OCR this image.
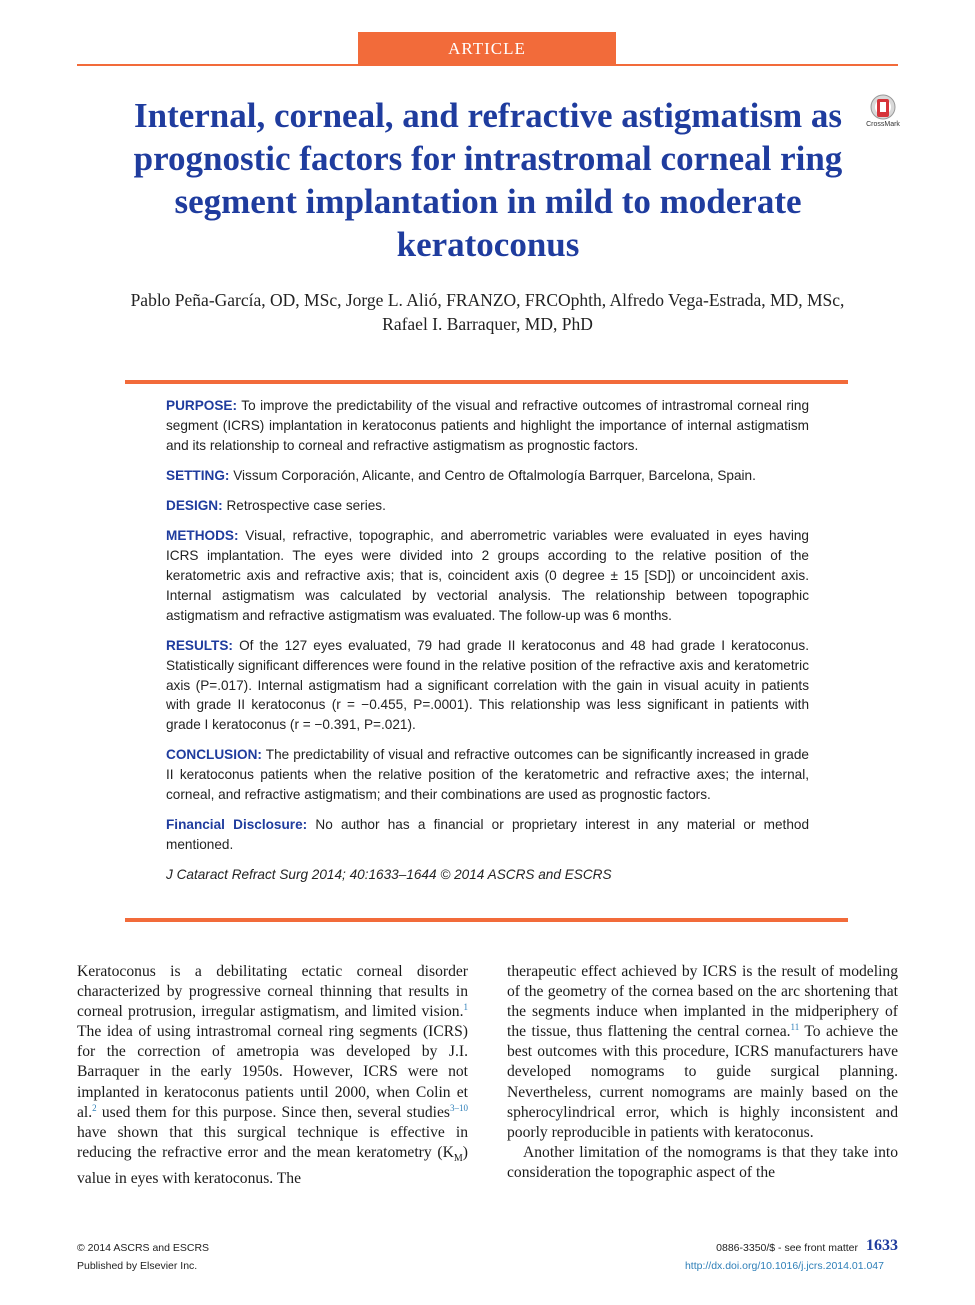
ARTICLE
Internal, corneal, and refractive astigmatism as prognostic factors for intrastromal corneal ring segment implantation in mild to moderate keratoconus
CrossMark
Pablo Peña-García, OD, MSc, Jorge L. Alió, FRANZO, FRCOphth, Alfredo Vega-Estrada, MD, MSc,
Rafael I. Barraquer, MD, PhD

PURPOSE: To improve the predictability of the visual and refractive outcomes of intrastromal corneal ring segment (ICRS) implantation in keratoconus patients and highlight the importance of internal astigmatism and its relationship to corneal and refractive astigmatism as prognostic factors.

SETTING: Vissum Corporación, Alicante, and Centro de Oftalmología Barrquer, Barcelona, Spain.

DESIGN: Retrospective case series.

METHODS: Visual, refractive, topographic, and aberrometric variables were evaluated in eyes having ICRS implantation. The eyes were divided into 2 groups according to the relative position of the keratometric axis and refractive axis; that is, coincident axis (0 degree ± 15 [SD]) or uncoincident axis. Internal astigmatism was calculated by vectorial analysis. The relationship between topographic astigmatism and refractive astigmatism was evaluated. The follow-up was 6 months.

RESULTS: Of the 127 eyes evaluated, 79 had grade II keratoconus and 48 had grade I keratoconus. Statistically significant differences were found in the relative position of the refractive axis and keratometric axis (P=.017). Internal astigmatism had a significant correlation with the gain in visual acuity in patients with grade II keratoconus (r = −0.455, P=.0001). This relationship was less significant in patients with grade I keratoconus (r = −0.391, P=.021).

CONCLUSION: The predictability of visual and refractive outcomes can be significantly increased in grade II keratoconus patients when the relative position of the keratometric and refractive axes; the internal, corneal, and refractive astigmatism; and their combinations are used as prognostic factors.

Financial Disclosure: No author has a financial or proprietary interest in any material or method mentioned.

J Cataract Refract Surg 2014; 40:1633–1644 © 2014 ASCRS and ESCRS

Keratoconus is a debilitating ectatic corneal disorder characterized by progressive corneal thinning that results in corneal protrusion, irregular astigmatism, and limited vision.$^1$ The idea of using intrastromal corneal ring segments (ICRS) for the correction of ametropia was developed by J.I. Barraquer in the early 1950s. However, ICRS were not implanted in keratoconus patients until 2000, when Colin et al.$^2$ used them for this purpose. Since then, several studies$^{3-10}$ have shown that this surgical technique is effective in reducing the refractive error and the mean keratometry $(K_M)$ value in eyes with keratoconus. The

therapeutic effect achieved by ICRS is the result of modeling of the geometry of the cornea based on the arc shortening that the segments induce when implanted in the midperiphery of the tissue, thus flattening the central cornea.$^{11}$ To achieve the best outcomes with this procedure, ICRS manufacturers have developed nomograms to guide surgical planning. Nevertheless, current nomograms are mainly based on the spherocylindrical error, which is highly inconsistent and poorly reproducible in patients with keratoconus.

Another limitation of the nomograms is that they take into consideration the topographic aspect of the

© 2014 ASCRS and ESCRS
Published by Elsevier Inc.
0886-3350/$ - see front matter 1633
http://dx.doi.org/10.1016/j.jcrs.2014.01.047
